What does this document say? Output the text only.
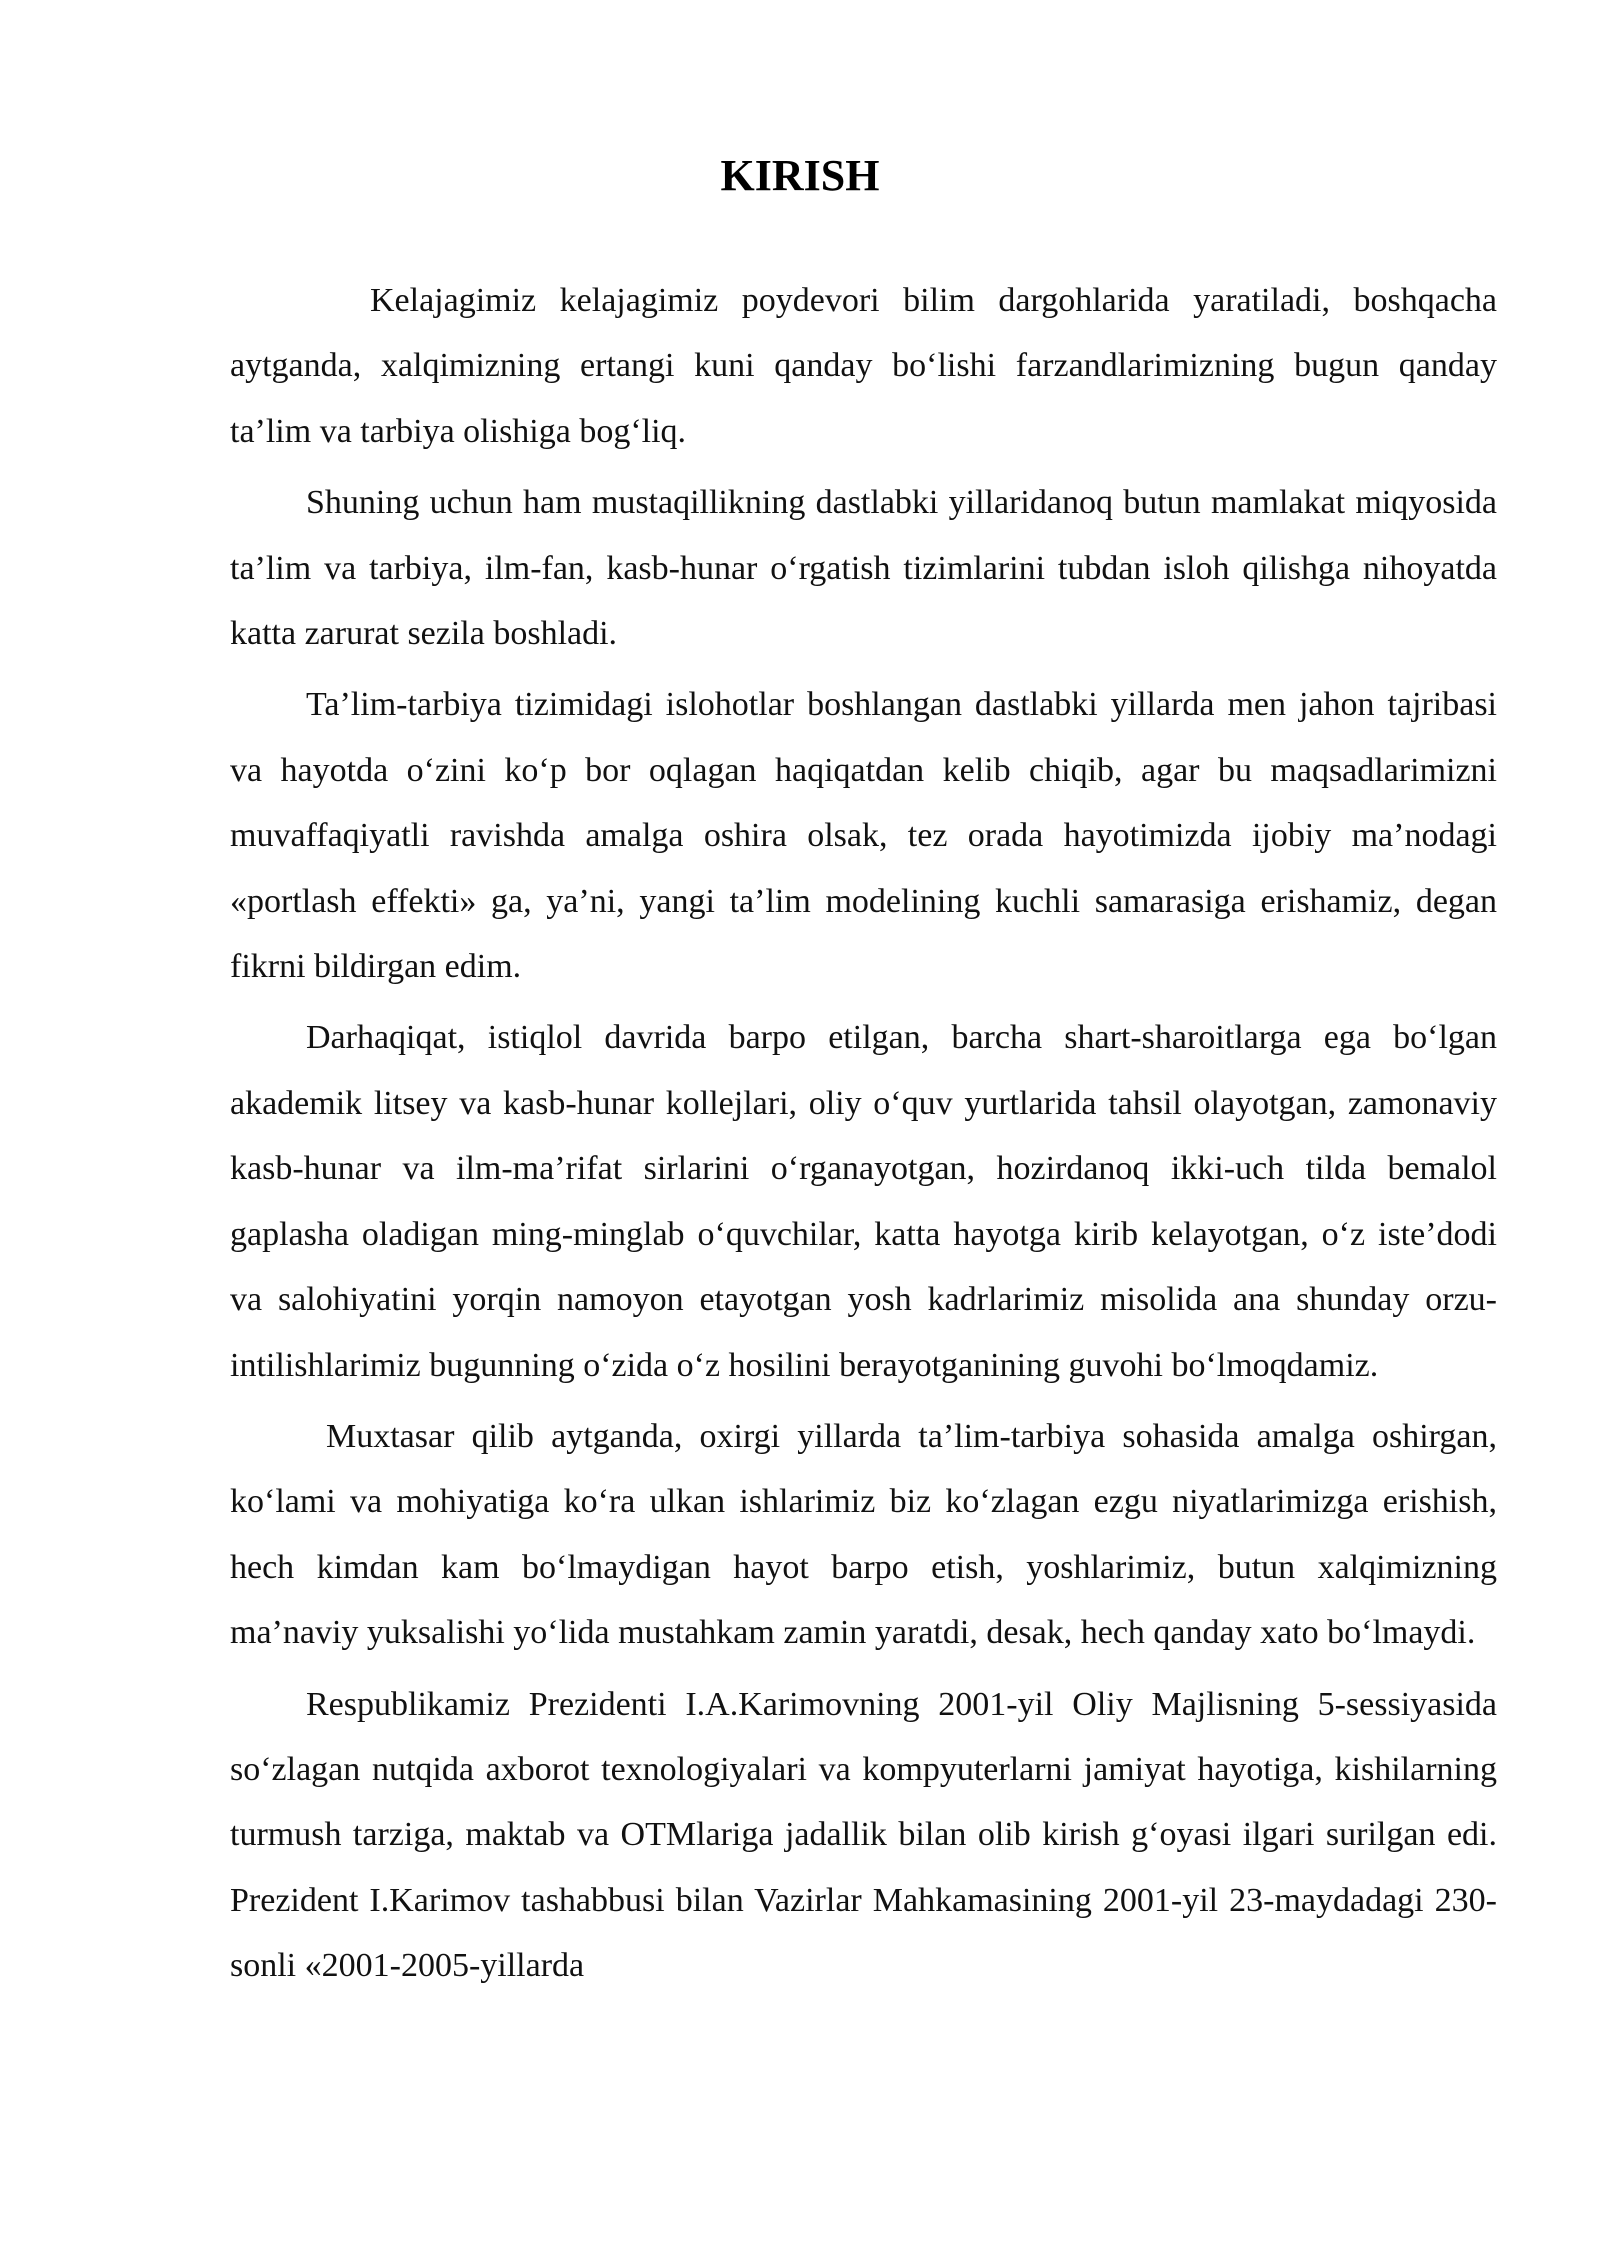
KIRISH

Kelajagimiz kelajagimiz poydevori bilim dargohlarida yaratiladi, boshqacha aytganda, xalqimizning ertangi kuni qanday bo‘lishi farzandlarimizning bugun qanday ta’lim va tarbiya olishiga bog‘liq.

Shuning uchun ham mustaqillikning dastlabki yillaridanoq butun mamlakat miqyosida ta’lim va tarbiya, ilm-fan, kasb-hunar o‘rgatish tizimlarini tubdan isloh qilishga nihoyatda katta zarurat sezila boshladi.

Ta’lim-tarbiya tizimidagi islohotlar boshlangan dastlabki yillarda men jahon tajribasi va hayotda o‘zini ko‘p bor oqlagan haqiqatdan kelib chiqib, agar bu maqsadlarimizni muvaffaqiyatli ravishda amalga oshira olsak, tez orada hayotimizda ijobiy ma’nodagi «portlash effekti» ga, ya’ni, yangi ta’lim modelining kuchli samarasiga erishamiz, degan fikrni bildirgan edim.

Darhaqiqat, istiqlol davrida barpo etilgan, barcha shart-sharoitlarga ega bo‘lgan akademik litsey va kasb-hunar kollejlari, oliy o‘quv yurtlarida tahsil olayotgan, zamonaviy kasb-hunar va ilm-ma’rifat sirlarini o‘rganayotgan, hozirdanoq ikki-uch tilda bemalol gaplasha oladigan ming-minglab o‘quvchilar, katta hayotga kirib kelayotgan, o‘z iste’dodi va salohiyatini yorqin namoyon etayotgan yosh kadrlarimiz misolida ana shunday orzu-intilishlarimiz bugunning o‘zida o‘z hosilini berayotganining guvohi bo‘lmoqdamiz.

Muxtasar qilib aytganda, oxirgi yillarda ta’lim-tarbiya sohasida amalga oshirgan, ko‘lami va mohiyatiga ko‘ra ulkan ishlarimiz biz ko‘zlagan ezgu niyatlarimizga erishish, hech kimdan kam bo‘lmaydigan hayot barpo etish, yoshlarimiz, butun xalqimizning ma’naviy yuksalishi yo‘lida mustahkam zamin yaratdi, desak, hech qanday xato bo‘lmaydi.

Respublikamiz Prezidenti I.A.Karimovning 2001-yil Oliy Majlisning 5-sessiyasida so‘zlagan nutqida axborot texnologiyalari va kompyuterlarni jamiyat hayotiga, kishilarning turmush tarziga, maktab va OTMlariga jadallik bilan olib kirish g‘oyasi ilgari surilgan edi. Prezident I.Karimov tashabbusi bilan Vazirlar Mahkamasining 2001-yil 23-maydadagi 230-sonli «2001-2005-yillarda
